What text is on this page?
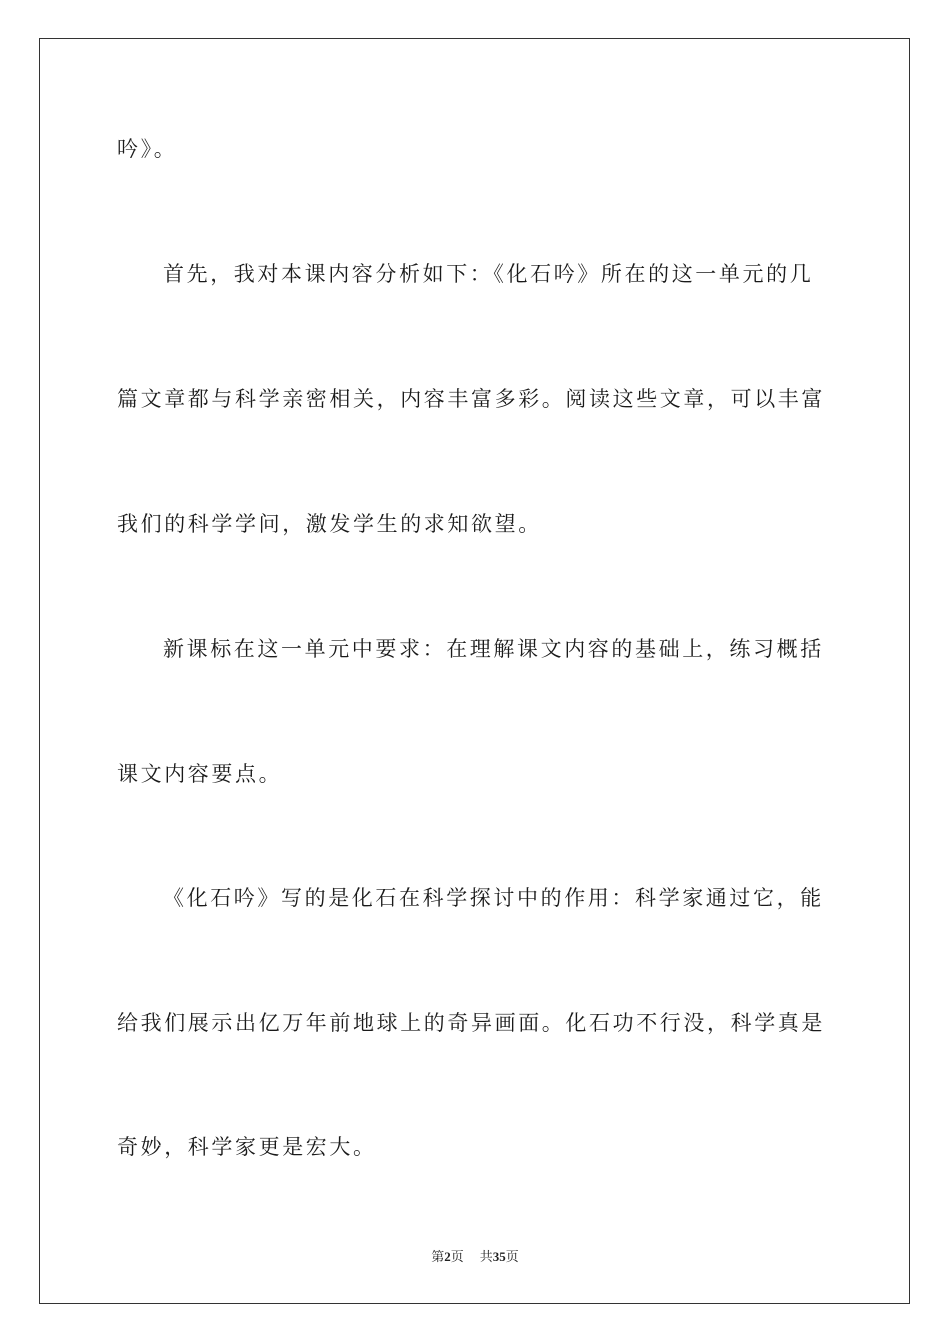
吟》。

首先，我对本课内容分析如下：《化石吟》所在的这一单元的几

篇文章都与科学亲密相关，内容丰富多彩。阅读这些文章，可以丰富

我们的科学学问，激发学生的求知欲望。

新课标在这一单元中要求：在理解课文内容的基础上，练习概括

课文内容要点。

《化石吟》写的是化石在科学探讨中的作用：科学家通过它，能

给我们展示出亿万年前地球上的奇异画面。化石功不行没，科学真是

奇妙，科学家更是宏大。

第2页 共35页
